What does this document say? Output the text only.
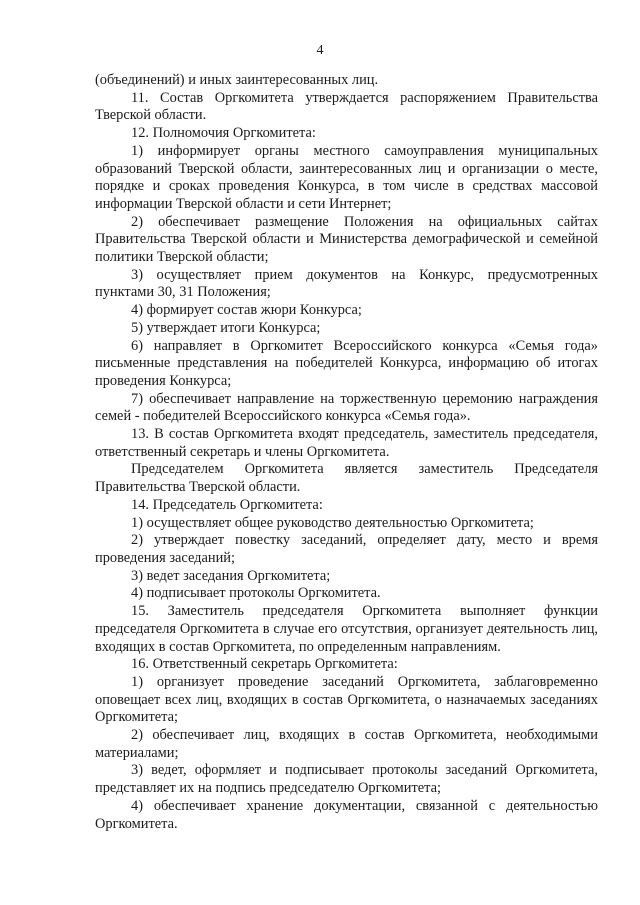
4

(объединений) и иных заинтересованных лиц.

11. Состав Оргкомитета утверждается распоряжением Правительства Тверской области.

12. Полномочия Оргкомитета:

1) информирует органы местного самоуправления муниципальных образований Тверской области, заинтересованных лиц и организации о месте, порядке и сроках проведения Конкурса, в том числе в средствах массовой информации Тверской области и сети Интернет;

2) обеспечивает размещение Положения на официальных сайтах Правительства Тверской области и Министерства демографической и семейной политики Тверской области;

3) осуществляет прием документов на Конкурс, предусмотренных пунктами 30, 31 Положения;

4) формирует состав жюри Конкурса;

5) утверждает итоги Конкурса;

6) направляет в Оргкомитет Всероссийского конкурса «Семья года» письменные представления на победителей Конкурса, информацию об итогах проведения Конкурса;

7) обеспечивает направление на торжественную церемонию награждения семей - победителей Всероссийского конкурса «Семья года».

13. В состав Оргкомитета входят председатель, заместитель председателя, ответственный секретарь и члены Оргкомитета.

Председателем Оргкомитета является заместитель Председателя Правительства Тверской области.

14. Председатель Оргкомитета:

1) осуществляет общее руководство деятельностью Оргкомитета;

2) утверждает повестку заседаний, определяет дату, место и время проведения заседаний;

3) ведет заседания Оргкомитета;

4) подписывает протоколы Оргкомитета.

15. Заместитель председателя Оргкомитета выполняет функции председателя Оргкомитета в случае его отсутствия, организует деятельность лиц, входящих в состав Оргкомитета, по определенным направлениям.

16. Ответственный секретарь Оргкомитета:

1) организует проведение заседаний Оргкомитета, заблаговременно оповещает всех лиц, входящих в состав Оргкомитета, о назначаемых заседаниях Оргкомитета;

2) обеспечивает лиц, входящих в состав Оргкомитета, необходимыми материалами;

3) ведет, оформляет и подписывает протоколы заседаний Оргкомитета, представляет их на подпись председателю Оргкомитета;

4) обеспечивает хранение документации, связанной с деятельностью Оргкомитета.
